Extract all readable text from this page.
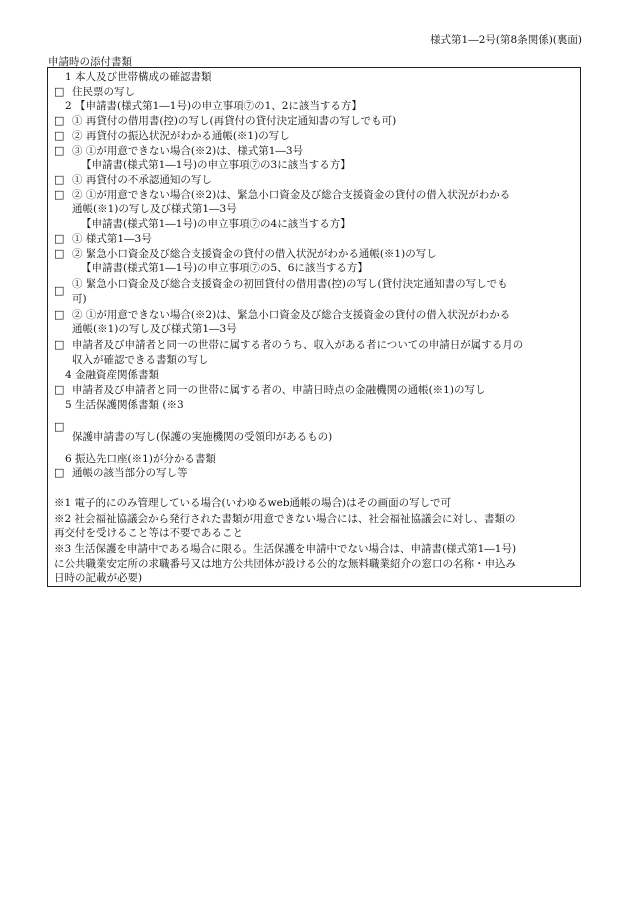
様式第1―2号(第8条関係)(裏面)
申請時の添付書類
1 本人及び世帯構成の確認書類
□ 住民票の写し
2 【申請書(様式第1―1号)の申立事項⑦の1、2に該当する方】
□ ① 再貸付の借用書(控)の写し(再貸付の貸付決定通知書の写しでも可)
□ ② 再貸付の振込状況がわかる通帳(※1)の写し
□ ③ ①が用意できない場合(※2)は、様式第1―3号
【申請書(様式第1―1号)の申立事項⑦の3に該当する方】
□ ① 再貸付の不承認通知の写し
□ ② ①が用意できない場合(※2)は、緊急小口資金及び総合支援資金の貸付の借入状況がわかる
通帳(※1)の写し及び様式第1―3号
【申請書(様式第1―1号)の申立事項⑦の4に該当する方】
□ ① 様式第1―3号
□ ② 緊急小口資金及び総合支援資金の貸付の借入状況がわかる通帳(※1)の写し
【申請書(様式第1―1号)の申立事項⑦の5、6に該当する方】
① 緊急小口資金及び総合支援資金の初回貸付の借用書(控)の写し(貸付決定通知書の写しでも
□
可)
□ ② ①が用意できない場合(※2)は、緊急小口資金及び総合支援資金の貸付の借入状況がわかる
通帳(※1)の写し及び様式第1―3号
□ 申請者及び申請者と同一の世帯に属する者のうち、収入がある者についての申請日が属する月の
収入が確認できる書類の写し
4 金融資産関係書類
□ 申請者及び申請者と同一の世帯に属する者の、申請日時点の金融機関の通帳(※1)の写し
5 生活保護関係書類 (※3
□
保護申請書の写し(保護の実施機関の受領印があるもの)
6 振込先口座(※1)が分かる書類
□ 通帳の該当部分の写し等
※1 電子的にのみ管理している場合(いわゆるweb通帳の場合)はその画面の写しで可
※2 社会福祉協議会から発行された書類が用意できない場合には、社会福祉協議会に対し、書類の
再交付を受けること等は不要であること
※3 生活保護を申請中である場合に限る。生活保護を申請中でない場合は、申請書(様式第1―1号)
に公共職業安定所の求職番号又は地方公共団体が設ける公的な無料職業紹介の窓口の名称・申込み
日時の記載が必要)
